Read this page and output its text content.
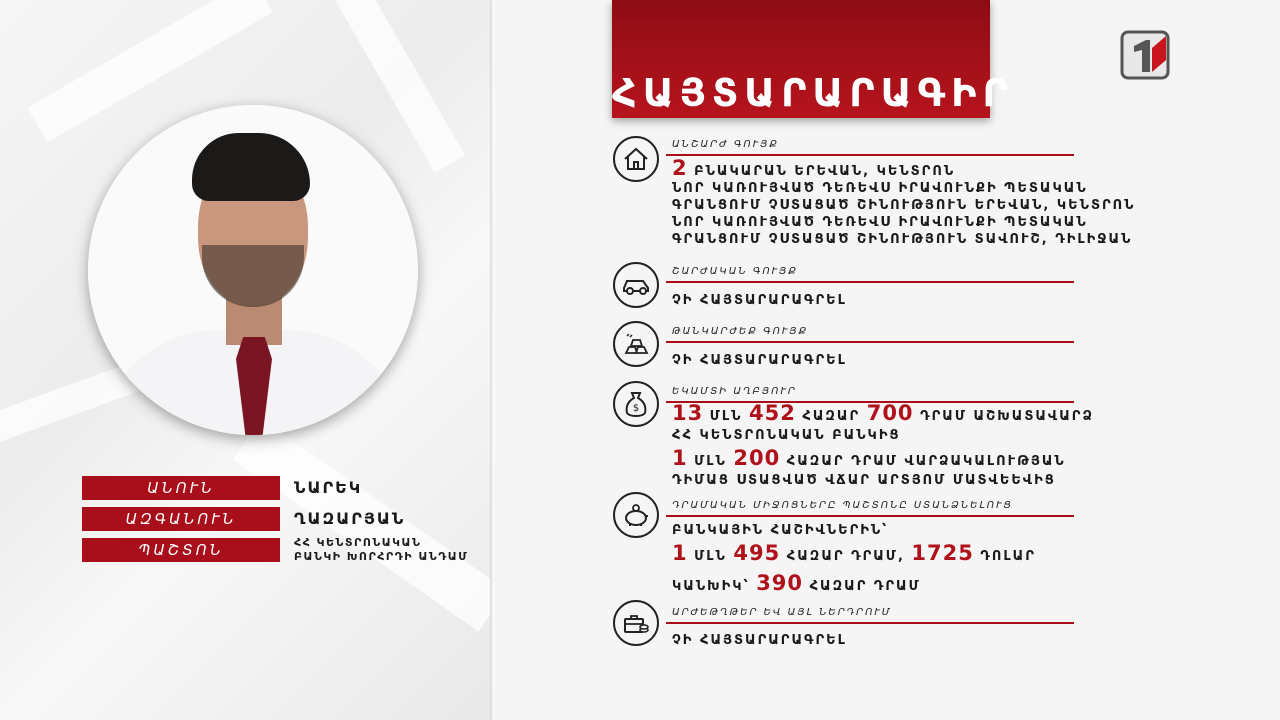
ԱՆՈՒՆ	ՆԱՐԵԿ
ԱԶԳԱՆՈՒՆ	ՂԱԶԱՐՅԱՆ
ՊԱՇՏՈՆ	ՀՀ ԿԵՆՏՐՈՆԱԿԱՆ
ԲԱՆԿԻ ԽՈՐՀՐԴԻ ԱՆԴԱՄ
ՀԱՅՏԱՐԱՐԱԳԻՐ
ԱՆՇԱՐԺ ԳՈՒՅՔ
2 ԲՆԱԿԱՐԱՆ ԵՐԵՎԱՆ, ԿԵՆՏՐՈՆ
ՆՈՐ ԿԱՌՈՒՅՎԱԾ ԴԵՌԵՎՍ ԻՐԱՎՈՒՆՔԻ ՊԵՏԱԿԱՆ
ԳՐԱՆՑՈՒՄ ՉՍՏԱՑԱԾ ՇԻՆՈՒԹՅՈՒՆ ԵՐԵՎԱՆ, ԿԵՆՏՐՈՆ
ՆՈՐ ԿԱՌՈՒՅՎԱԾ ԴԵՌԵՎՍ ԻՐԱՎՈՒՆՔԻ ՊԵՏԱԿԱՆ
ԳՐԱՆՑՈՒՄ ՉՍՏԱՑԱԾ ՇԻՆՈՒԹՅՈՒՆ ՏԱՎՈՒՇ, ԴԻԼԻՋԱՆ
ՇԱՐԺԱԿԱՆ ԳՈՒՅՔ
ՉԻ ՀԱՅՏԱՐԱՐԱԳՐԵԼ
ԹԱՆԿԱՐԺԵՔ ԳՈՒՅՔ
ՉԻ ՀԱՅՏԱՐԱՐԱԳՐԵԼ
$
ԵԿԱՄՏԻ ԱՂԲՅՈՒՐ
13 ՄԼՆ 452 ՀԱԶԱՐ 700 ԴՐԱՄ ԱՇԽԱՏԱՎԱՐՁ
ՀՀ ԿԵՆՏՐՈՆԱԿԱՆ ԲԱՆԿԻՑ
1 ՄԼՆ 200 ՀԱԶԱՐ ԴՐԱՄ ՎԱՐՁԱԿԱԼՈՒԹՅԱՆ
ԴԻՄԱՑ ՍՏԱՑՎԱԾ ՎՃԱՐ ԱՐՏՅՈՄ ՄԱՏՎԵԵՎԻՑ
ԴՐԱՄԱԿԱՆ ՄԻՋՈՑՆԵՐԸ ՊԱՇՏՈՆԸ ՍՏԱՆՁՆԵԼՈՒՑ
ԲԱՆԿԱՅԻՆ ՀԱՇԻՎՆԵՐԻՆ՝
1 ՄԼՆ 495 ՀԱԶԱՐ ԴՐԱՄ, 1725 ԴՈԼԱՐ
ԿԱՆԽԻԿ՝ 390 ՀԱԶԱՐ ԴՐԱՄ
ԱՐԺԵԹՂԹԵՐ ԵՎ ԱՅԼ ՆԵՐԴՐՈՒՄ
ՉԻ ՀԱՅՏԱՐԱՐԱԳՐԵԼ
